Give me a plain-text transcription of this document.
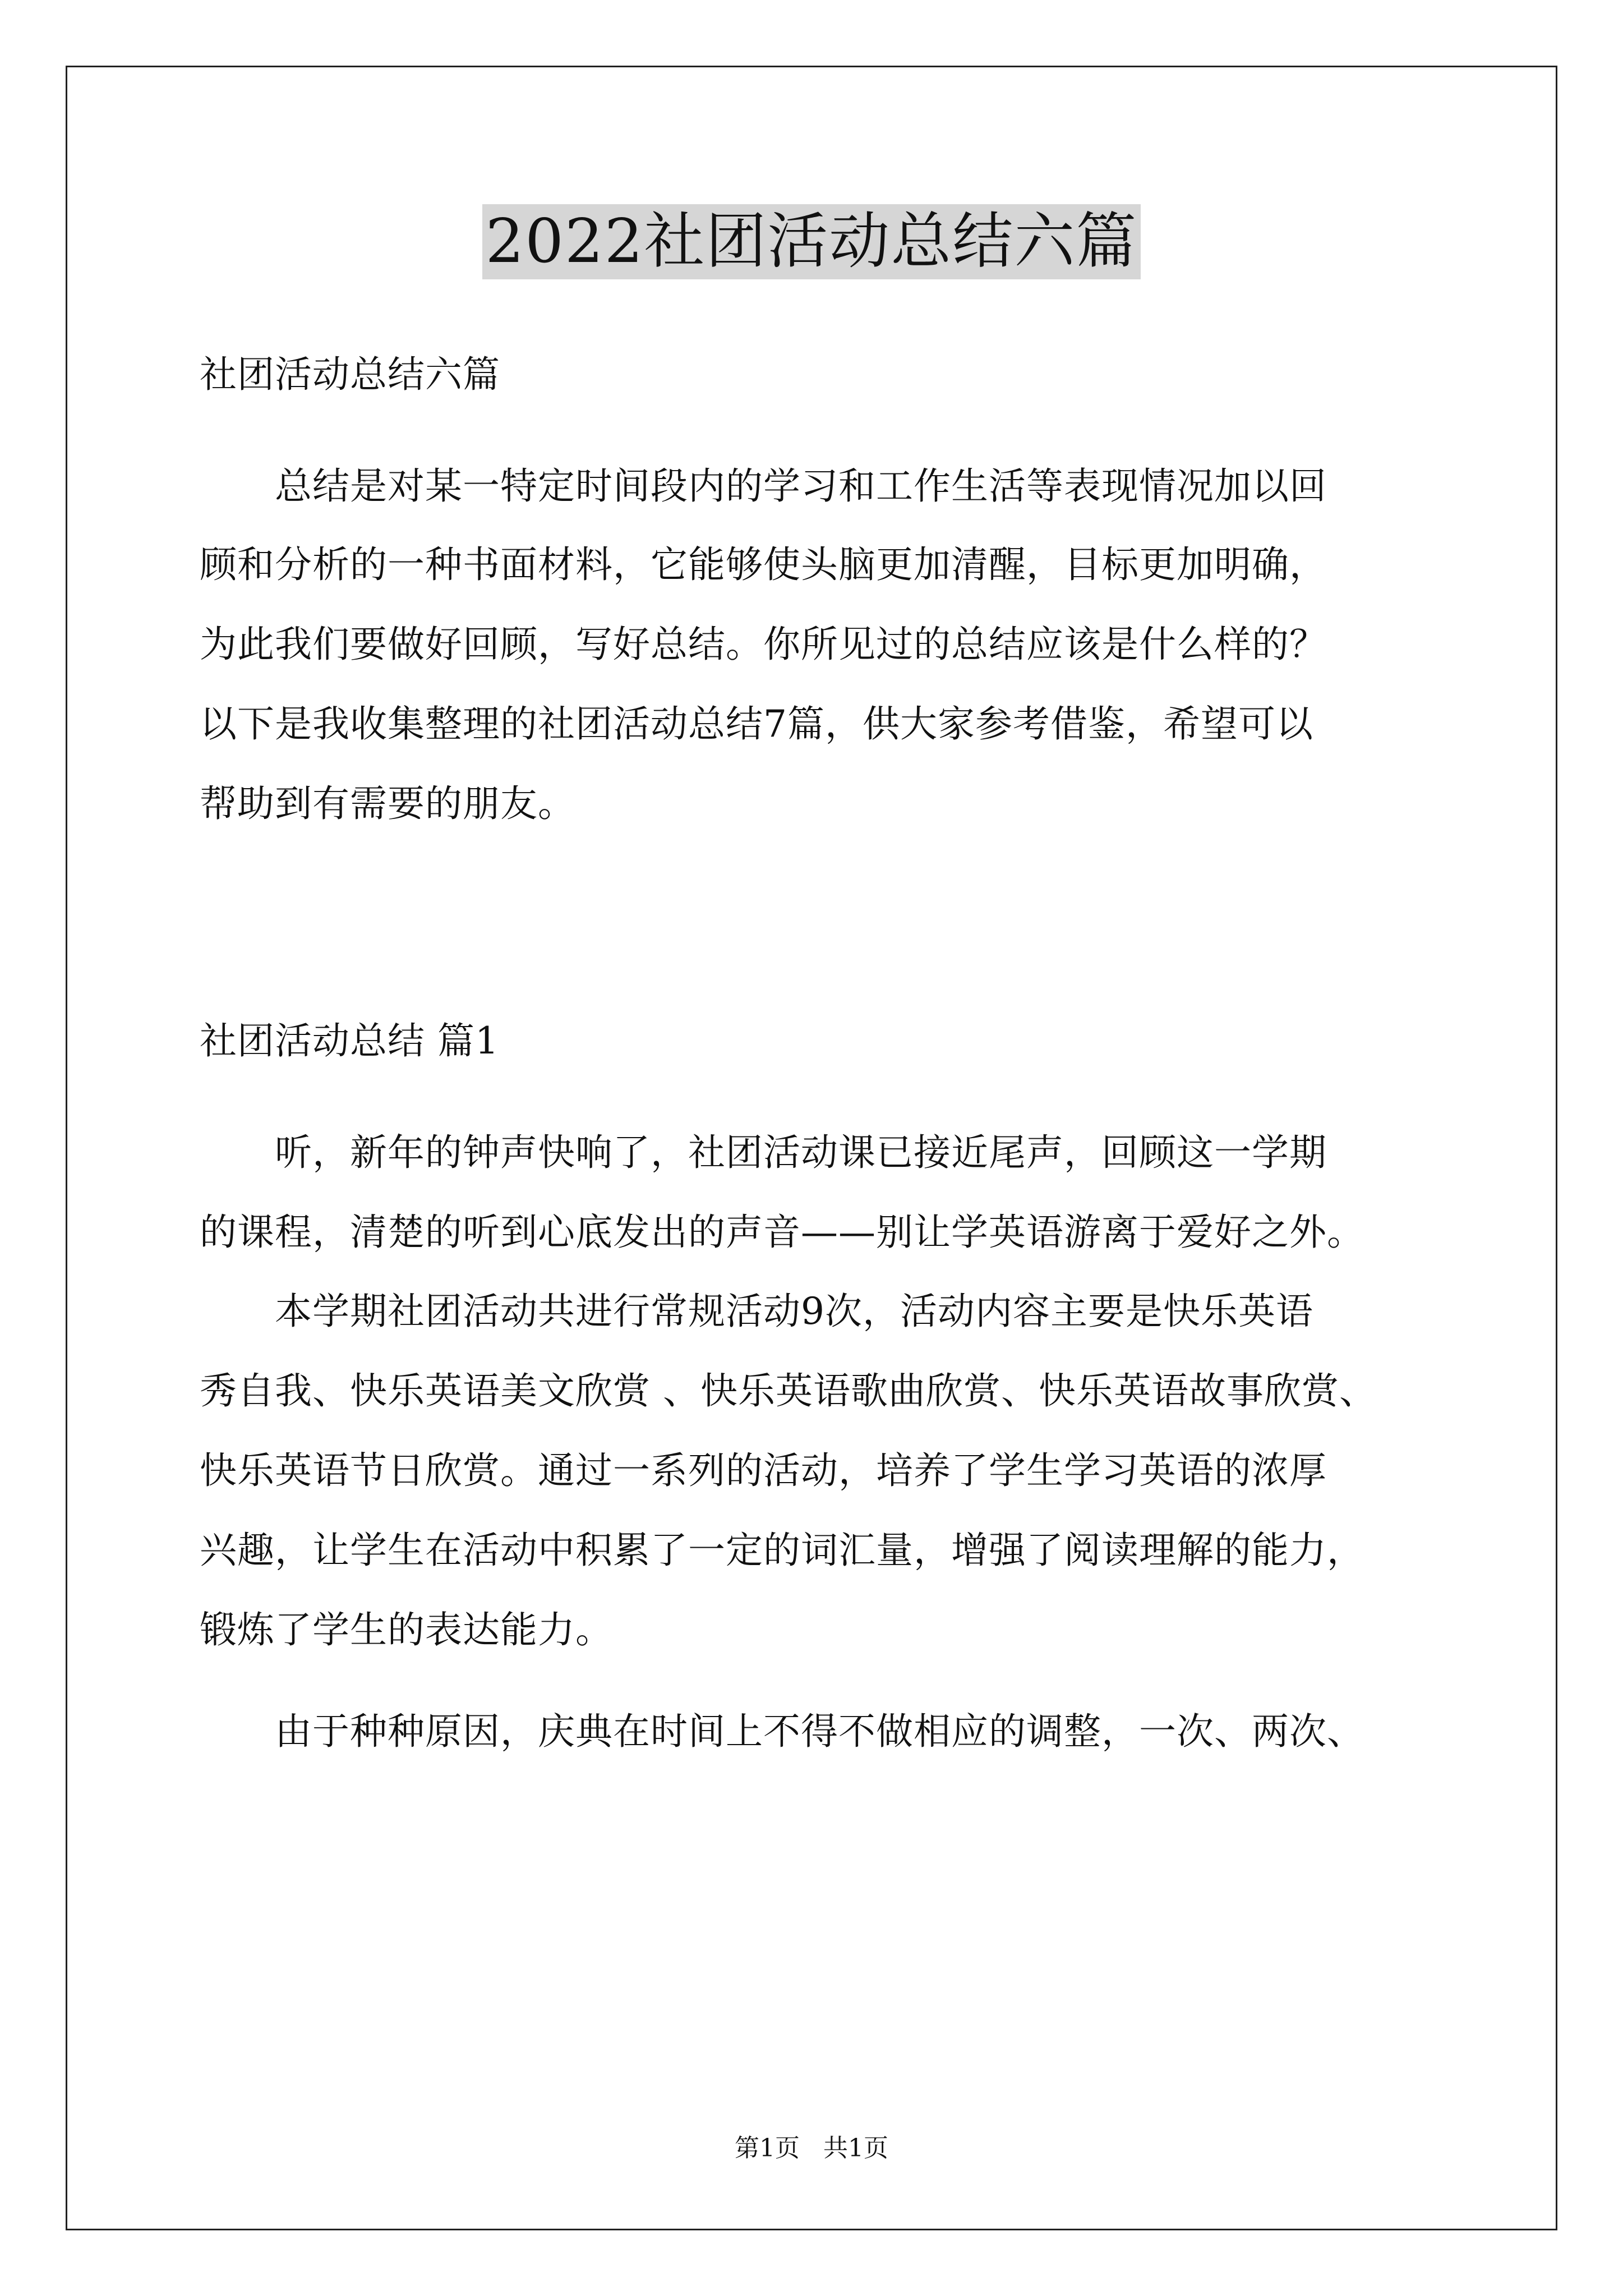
2022社团活动总结六篇
社团活动总结六篇
　　总结是对某一特定时间段内的学习和工作生活等表现情况加以回
顾和分析的一种书面材料，它能够使头脑更加清醒，目标更加明确，
为此我们要做好回顾，写好总结。你所见过的总结应该是什么样的？
以下是我收集整理的社团活动总结7篇，供大家参考借鉴，希望可以
帮助到有需要的朋友。
社团活动总结 篇1
　　听，新年的钟声快响了，社团活动课已接近尾声，回顾这一学期
的课程，清楚的听到心底发出的声音——别让学英语游离于爱好之外。
　　本学期社团活动共进行常规活动9次，活动内容主要是快乐英语
秀自我、快乐英语美文欣赏 、快乐英语歌曲欣赏、快乐英语故事欣赏、
快乐英语节日欣赏。通过一系列的活动，培养了学生学习英语的浓厚
兴趣，让学生在活动中积累了一定的词汇量，增强了阅读理解的能力，
锻炼了学生的表达能力。
　　由于种种原因，庆典在时间上不得不做相应的调整，一次、两次、
第1页 共1页
